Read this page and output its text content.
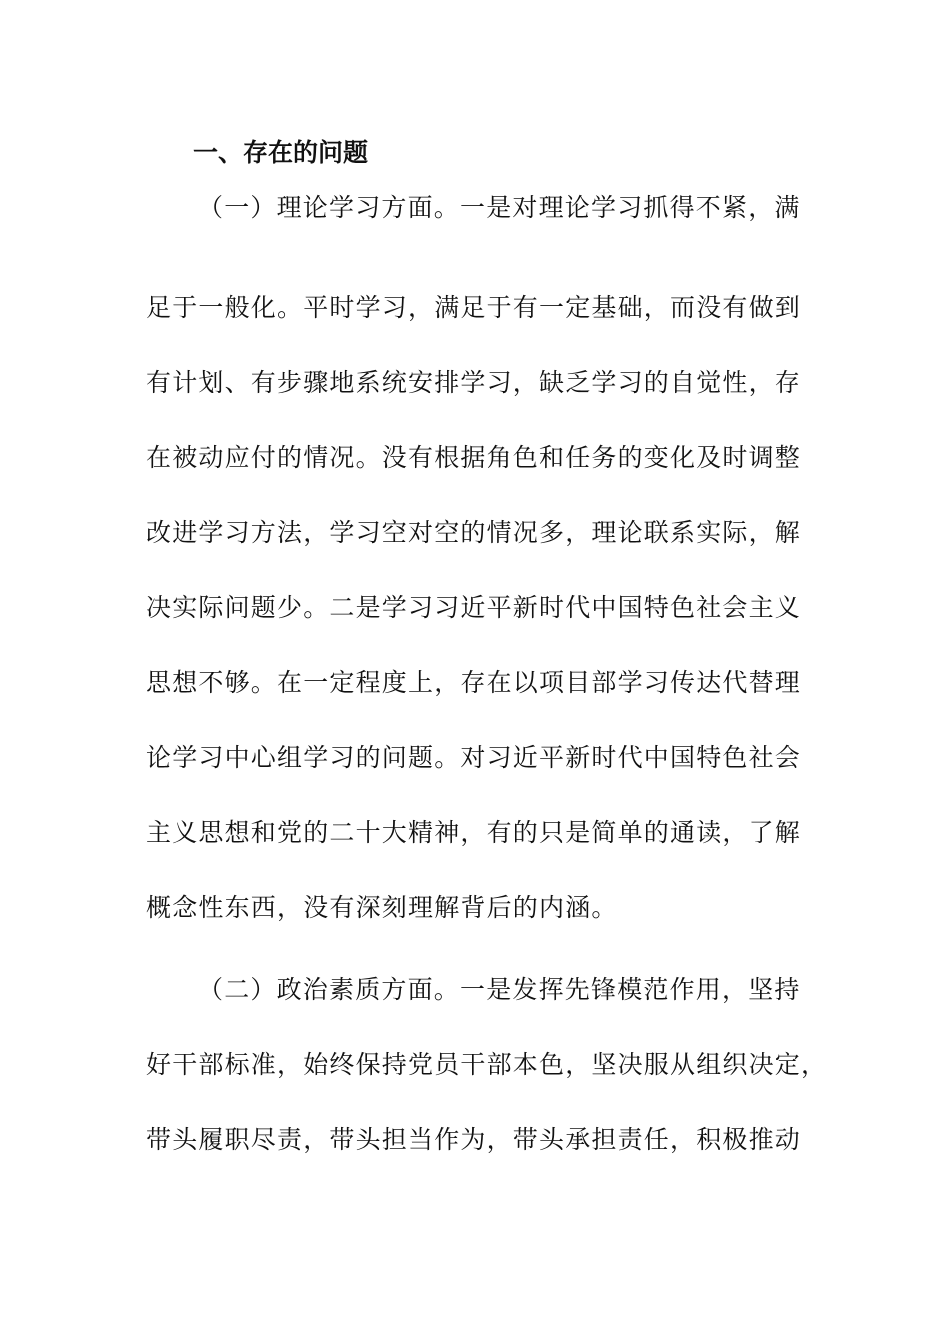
一、存在的问题

（一）理论学习方面。一是对理论学习抓得不紧，满

足于一般化。平时学习，满足于有一定基础，而没有做到

有计划、有步骤地系统安排学习，缺乏学习的自觉性，存

在被动应付的情况。没有根据角色和任务的变化及时调整

改进学习方法，学习空对空的情况多，理论联系实际，解

决实际问题少。二是学习习近平新时代中国特色社会主义

思想不够。在一定程度上，存在以项目部学习传达代替理

论学习中心组学习的问题。对习近平新时代中国特色社会

主义思想和党的二十大精神，有的只是简单的通读，了解

概念性东西，没有深刻理解背后的内涵。

（二）政治素质方面。一是发挥先锋模范作用，坚持

好干部标准，始终保持党员干部本色，坚决服从组织决定，

带头履职尽责，带头担当作为，带头承担责任，积极推动
